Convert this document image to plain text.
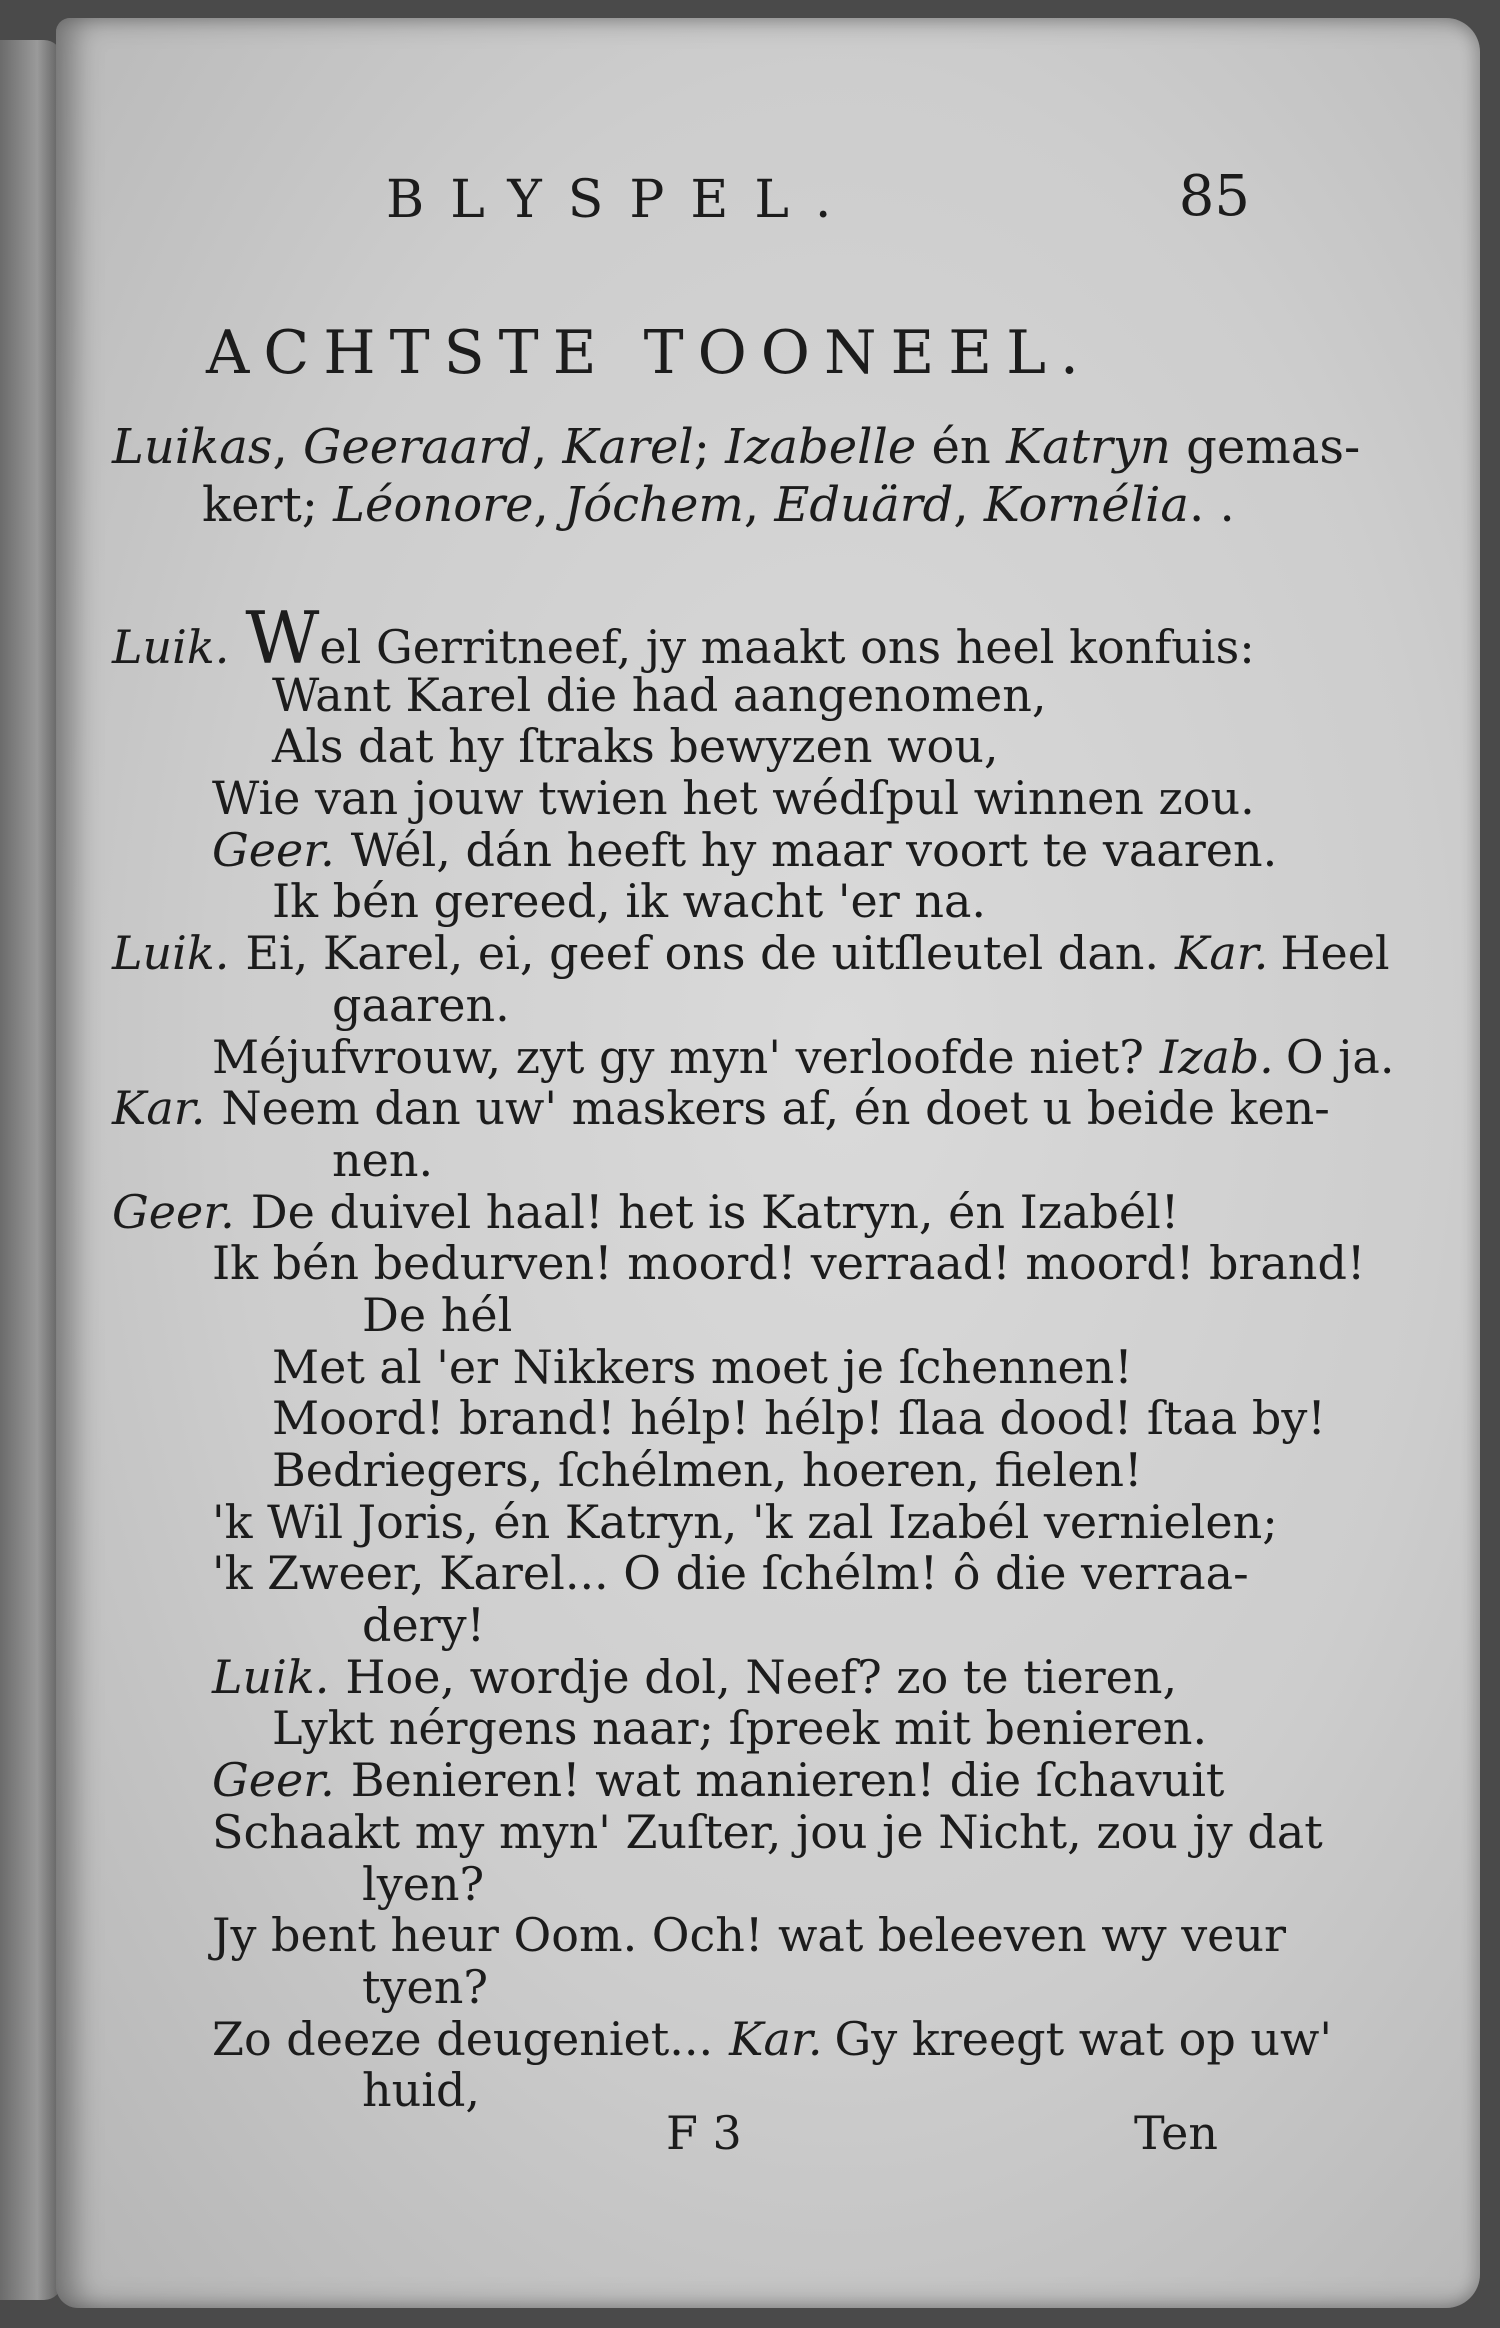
BLYSPEL.	85
ACHTSTE TOONEEL.
Luikas, Geeraard, Karel; Izabelle én Katryn gemas-
kert; Léonore, Jóchem, Eduärd, Kornélia. .
Luik. Wel Gerritneef, jy maakt ons heel konfuis:
Want Karel die had aangenomen,
Als dat hy ſtraks bewyzen wou,
Wie van jouw twien het wédſpul winnen zou.
Geer. Wél, dán heeft hy maar voort te vaaren.
Ik bén gereed, ik wacht 'er na.
Luik. Ei, Karel, ei, geef ons de uitſleutel dan. Kar. Heel
gaaren.
Méjufvrouw, zyt gy myn' verloofde niet? Izab. O ja.
Kar. Neem dan uw' maskers af, én doet u beide ken-
nen.
Geer. De duivel haal! het is Katryn, én Izabél!
Ik bén bedurven! moord! verraad! moord! brand!
De hél
Met al 'er Nikkers moet je ſchennen!
Moord! brand! hélp! hélp! ſlaa dood! ſtaa by!
Bedriegers, ſchélmen, hoeren, fielen!
'k Wil Joris, én Katryn, 'k zal Izabél vernielen;
'k Zweer, Karel... O die ſchélm! ô die verraa-
dery!
Luik. Hoe, wordje dol, Neef? zo te tieren,
Lykt nérgens naar; ſpreek mit benieren.
Geer. Benieren! wat manieren! die ſchavuit
Schaakt my myn' Zuſter, jou je Nicht, zou jy dat
lyen?
Jy bent heur Oom. Och! wat beleeven wy veur
tyen?
Zo deeze deugeniet... Kar. Gy kreegt wat op uw'
huid,
F 3	Ten
